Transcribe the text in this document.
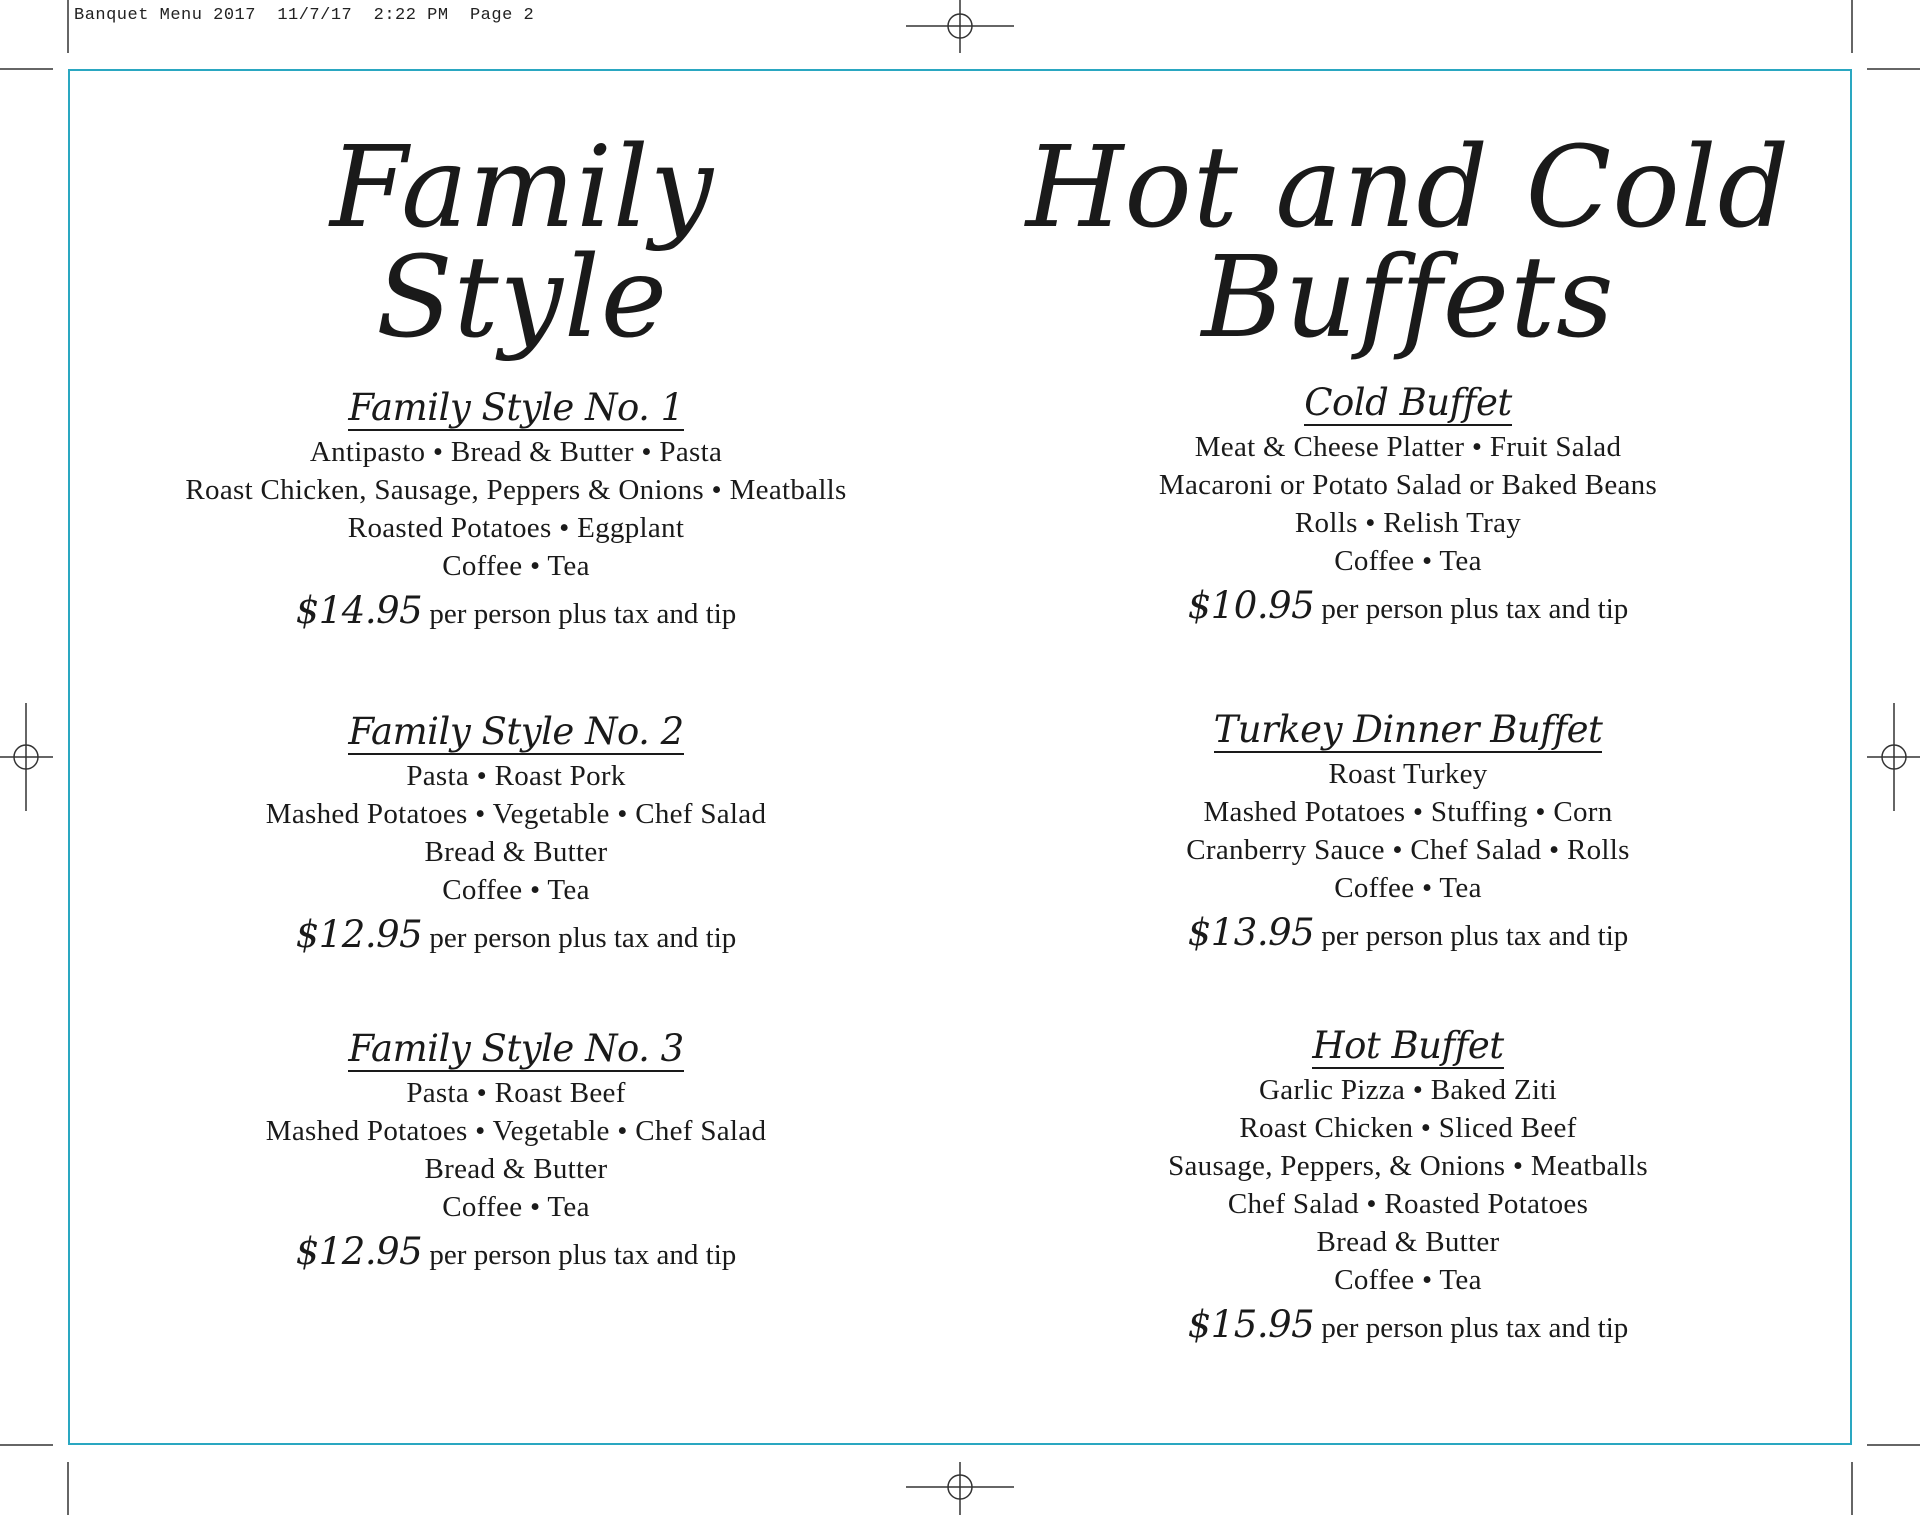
Banquet Menu 2017  11/7/17  2:22 PM  Page 2
Family
Style
Family Style No. 1
Antipasto • Bread & Butter • Pasta
Roast Chicken, Sausage, Peppers & Onions • Meatballs
Roasted Potatoes • Eggplant
Coffee • Tea
$14.95 per person plus tax and tip
Family Style No. 2
Pasta • Roast Pork
Mashed Potatoes • Vegetable • Chef Salad
Bread & Butter
Coffee • Tea
$12.95 per person plus tax and tip
Family Style No. 3
Pasta • Roast Beef
Mashed Potatoes • Vegetable • Chef Salad
Bread & Butter
Coffee • Tea
$12.95 per person plus tax and tip
Hot and Cold
Buffets
Cold Buffet
Meat & Cheese Platter • Fruit Salad
Macaroni or Potato Salad or Baked Beans
Rolls • Relish Tray
Coffee • Tea
$10.95 per person plus tax and tip
Turkey Dinner Buffet
Roast Turkey
Mashed Potatoes • Stuffing • Corn
Cranberry Sauce • Chef Salad • Rolls
Coffee • Tea
$13.95 per person plus tax and tip
Hot Buffet
Garlic Pizza • Baked Ziti
Roast Chicken • Sliced Beef
Sausage, Peppers, & Onions • Meatballs
Chef Salad • Roasted Potatoes
Bread & Butter
Coffee • Tea
$15.95 per person plus tax and tip
